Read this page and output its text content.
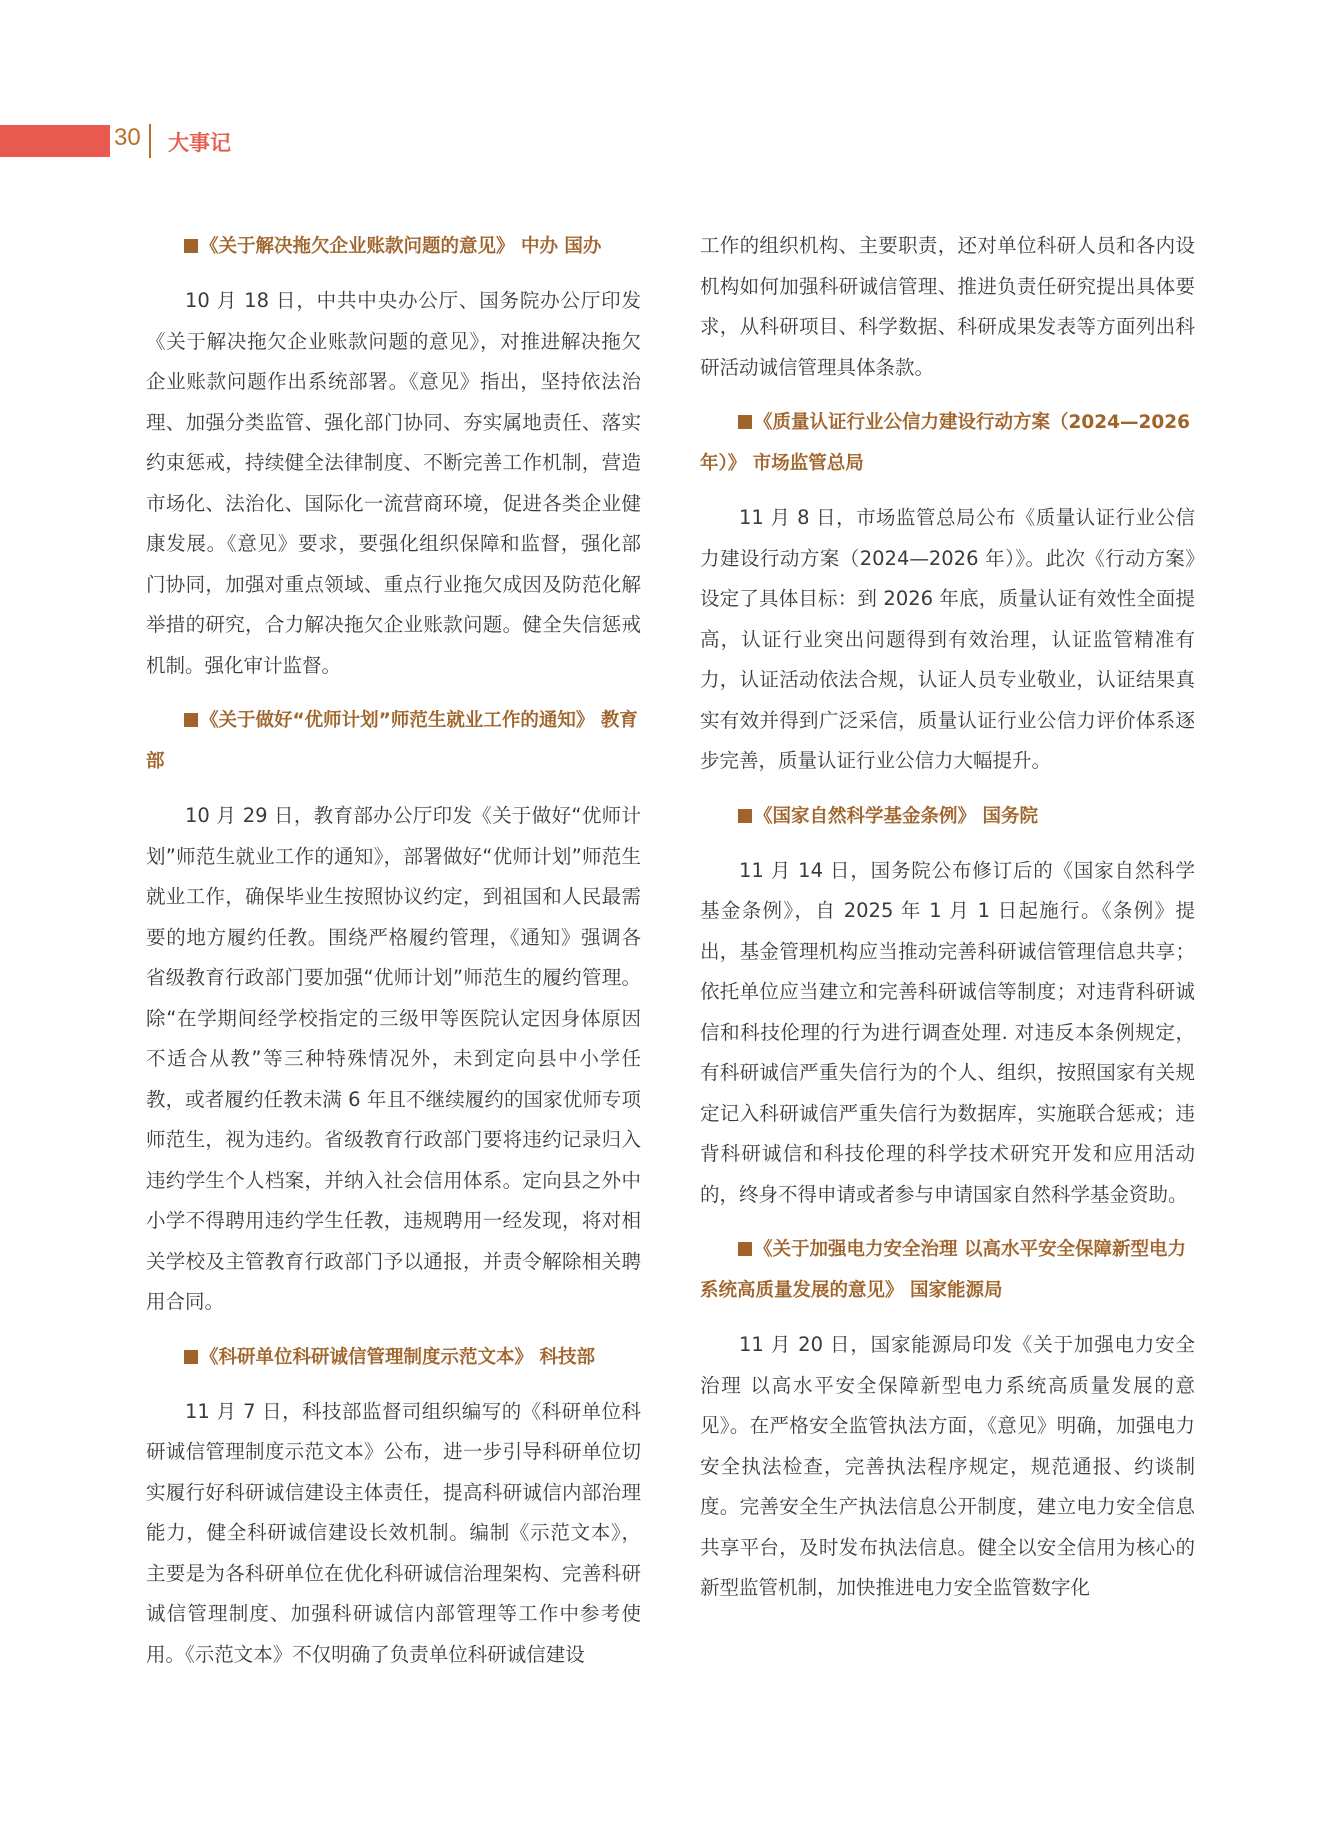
30 大事记
《关于解决拖欠企业账款问题的意见》 中办 国办

10 月 18 日，中共中央办公厅、国务院办公厅印发《关于解决拖欠企业账款问题的意见》，对推进解决拖欠企业账款问题作出系统部署。《意见》指出，坚持依法治理、加强分类监管、强化部门协同、夯实属地责任、落实约束惩戒，持续健全法律制度、不断完善工作机制，营造市场化、法治化、国际化一流营商环境，促进各类企业健康发展。《意见》要求，要强化组织保障和监督，强化部门协同，加强对重点领域、重点行业拖欠成因及防范化解举措的研究，合力解决拖欠企业账款问题。健全失信惩戒机制。强化审计监督。

《关于做好“优师计划”师范生就业工作的通知》 教育部

10 月 29 日，教育部办公厅印发《关于做好“优师计划”师范生就业工作的通知》，部署做好“优师计划”师范生就业工作，确保毕业生按照协议约定，到祖国和人民最需要的地方履约任教。围绕严格履约管理，《通知》强调各省级教育行政部门要加强“优师计划”师范生的履约管理。除“在学期间经学校指定的三级甲等医院认定因身体原因不适合从教”等三种特殊情况外，未到定向县中小学任教，或者履约任教未满 6 年且不继续履约的国家优师专项师范生，视为违约。省级教育行政部门要将违约记录归入违约学生个人档案，并纳入社会信用体系。定向县之外中小学不得聘用违约学生任教，违规聘用一经发现，将对相关学校及主管教育行政部门予以通报，并责令解除相关聘用合同。

《科研单位科研诚信管理制度示范文本》 科技部

11 月 7 日，科技部监督司组织编写的《科研单位科研诚信管理制度示范文本》公布，进一步引导科研单位切实履行好科研诚信建设主体责任，提高科研诚信内部治理能力，健全科研诚信建设长效机制。编制《示范文本》，主要是为各科研单位在优化科研诚信治理架构、完善科研诚信管理制度、加强科研诚信内部管理等工作中参考使用。《示范文本》不仅明确了负责单位科研诚信建设

工作的组织机构、主要职责，还对单位科研人员和各内设机构如何加强科研诚信管理、推进负责任研究提出具体要求，从科研项目、科学数据、科研成果发表等方面列出科研活动诚信管理具体条款。

《质量认证行业公信力建设行动方案（2024—2026 年）》 市场监管总局

11 月 8 日，市场监管总局公布《质量认证行业公信力建设行动方案（2024—2026 年）》。此次《行动方案》设定了具体目标：到 2026 年底，质量认证有效性全面提高，认证行业突出问题得到有效治理，认证监管精准有力，认证活动依法合规，认证人员专业敬业，认证结果真实有效并得到广泛采信，质量认证行业公信力评价体系逐步完善，质量认证行业公信力大幅提升。

《国家自然科学基金条例》 国务院

11 月 14 日，国务院公布修订后的《国家自然科学基金条例》，自 2025 年 1 月 1 日起施行。《条例》提出，基金管理机构应当推动完善科研诚信管理信息共享；依托单位应当建立和完善科研诚信等制度；对违背科研诚信和科技伦理的行为进行调查处理. 对违反本条例规定，有科研诚信严重失信行为的个人、组织，按照国家有关规定记入科研诚信严重失信行为数据库，实施联合惩戒；违背科研诚信和科技伦理的科学技术研究开发和应用活动的，终身不得申请或者参与申请国家自然科学基金资助。

《关于加强电力安全治理 以高水平安全保障新型电力系统高质量发展的意见》 国家能源局

11 月 20 日，国家能源局印发《关于加强电力安全治理 以高水平安全保障新型电力系统高质量发展的意见》。在严格安全监管执法方面，《意见》明确，加强电力安全执法检查，完善执法程序规定，规范通报、约谈制度。完善安全生产执法信息公开制度，建立电力安全信息共享平台，及时发布执法信息。健全以安全信用为核心的新型监管机制，加快推进电力安全监管数字化
